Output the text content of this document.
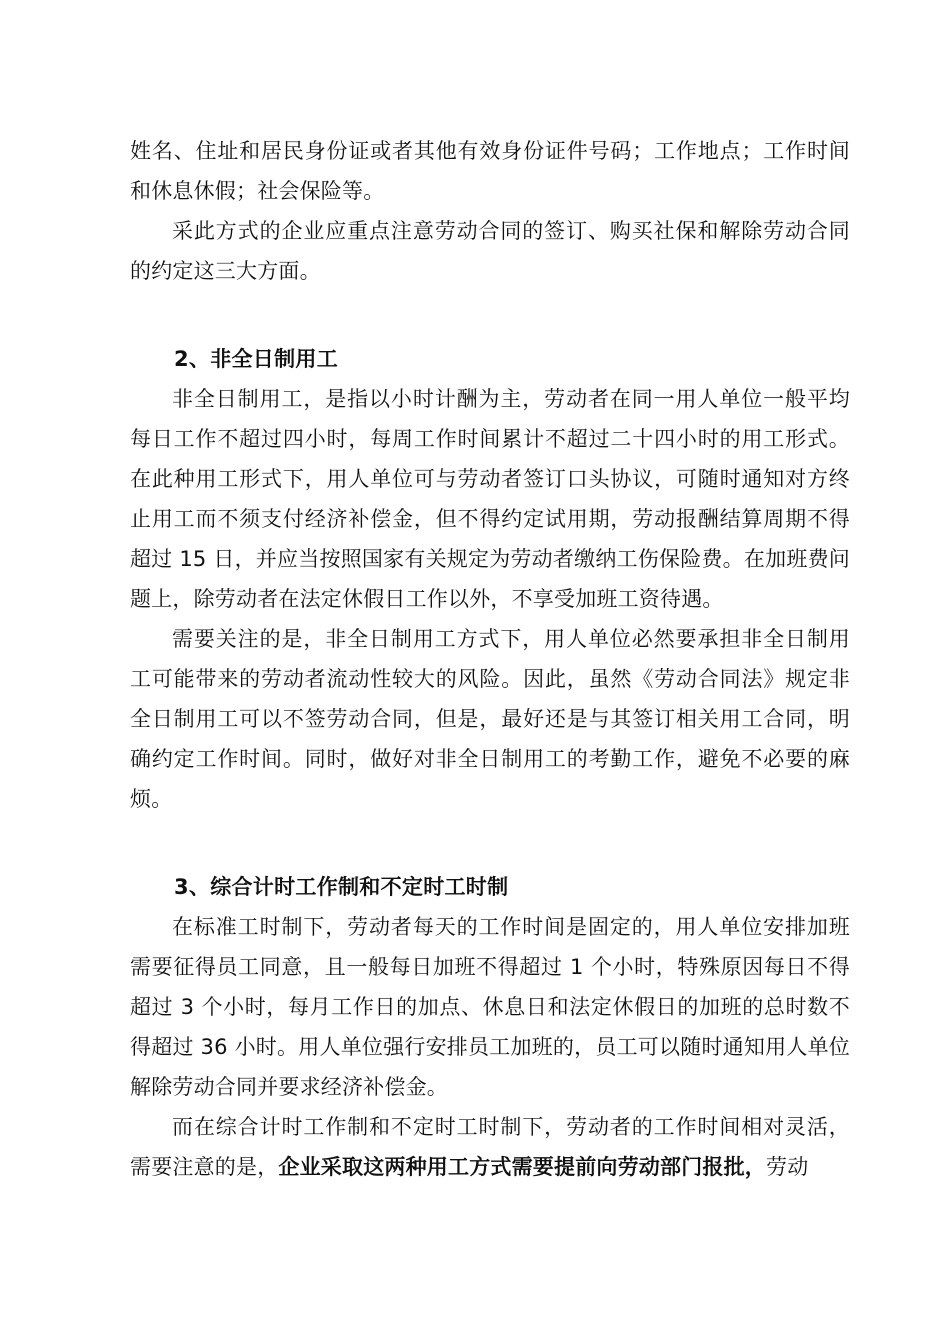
姓名、住址和居民身份证或者其他有效身份证件号码；工作地点；工作时间和休息休假；社会保险等。

采此方式的企业应重点注意劳动合同的签订、购买社保和解除劳动合同的约定这三大方面。

2、非全日制用工

非全日制用工，是指以小时计酬为主，劳动者在同一用人单位一般平均每日工作不超过四小时，每周工作时间累计不超过二十四小时的用工形式。在此种用工形式下，用人单位可与劳动者签订口头协议，可随时通知对方终止用工而不须支付经济补偿金，但不得约定试用期，劳动报酬结算周期不得超过 15 日，并应当按照国家有关规定为劳动者缴纳工伤保险费。在加班费问题上，除劳动者在法定休假日工作以外，不享受加班工资待遇。

需要关注的是，非全日制用工方式下，用人单位必然要承担非全日制用工可能带来的劳动者流动性较大的风险。因此，虽然《劳动合同法》规定非全日制用工可以不签劳动合同，但是，最好还是与其签订相关用工合同，明确约定工作时间。同时，做好对非全日制用工的考勤工作，避免不必要的麻烦。

3、综合计时工作制和不定时工时制

在标准工时制下，劳动者每天的工作时间是固定的，用人单位安排加班需要征得员工同意，且一般每日加班不得超过 1 个小时，特殊原因每日不得超过 3 个小时，每月工作日的加点、休息日和法定休假日的加班的总时数不得超过 36 小时。用人单位强行安排员工加班的，员工可以随时通知用人单位解除劳动合同并要求经济补偿金。

而在综合计时工作制和不定时工时制下，劳动者的工作时间相对灵活，需要注意的是，企业采取这两种用工方式需要提前向劳动部门报批，劳动
